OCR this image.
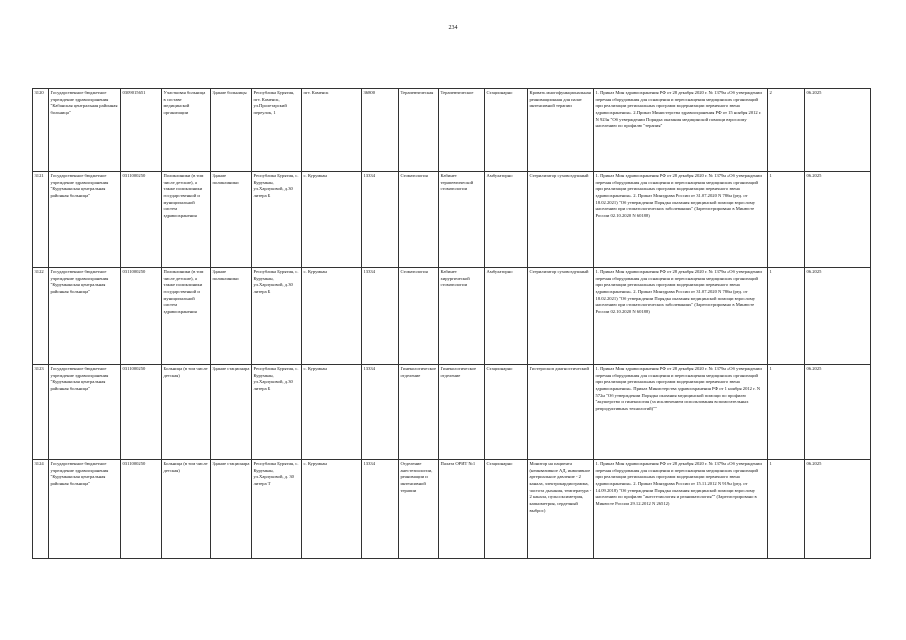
234
3120	Государственное бюджетное учреждение здравоохранения "Кабанская центральная районная больница"	0309015651	Участковая больница в составе медицинской организации	Здание больницы	Республика Бурятия, пгт. Каменск, ул.Пролетарский переулок, 1	пгт. Каменск	36800	Терапевтическая	Терапевтическое	Стационарно	Кровать многофункциональная реанимационная для палат интенсивной терапии	1. Приказ Мин здравоохранения РФ от 28 декабря 2020 г. № 1379н «Об утверждении перечня оборудования для оснащения и переоснащения медицинских организаций при реализации региональных программ модернизации первичного звена здравоохранения». 2.Приказ Министерства здравоохранения РФ от 15 ноября 2012 г. N 923н "Об утверждении Порядка оказания медицинской помощи взрослому населению по профилю "терапия"	2	06.2025
3121	Государственное бюджетное учреждение здравоохранения "Курумканская центральная районная больница"	0311000250	Поликлиники (в том числе детские), а также поликлиники государственной и муниципальной систем здравоохранения	Здание поликлиники	Республика Бурятия, с. Курумкан, ул.Харлуковой, д.30 литера Б	с. Курумкан	13334	Стоматология	Кабинет терапевтической стоматологии	Амбулаторно	Стерилизатор суховоздушный	1. Приказ Мин здравоохранения РФ от 28 декабря 2020 г. № 1379н «Об утверждении перечня оборудования для оснащения и переоснащения медицинских организаций при реализации региональных программ модернизации первичного звена здравоохранения». 2. Приказ Минздрава России от 31.07.2020 N 786н (ред. от 18.02.2021) "Об утверждении Порядка оказания медицинской помощи взрослому населению при стоматологических заболеваниях" (Зарегистрировано в Минюсте России 02.10.2020 N 60188)	1	06.2025
3122	Государственное бюджетное учреждение здравоохранения "Курумканская центральная районная больница"	0311000250	Поликлиники (в том числе детские), а также поликлиники государственной и муниципальной систем здравоохранения	Здание поликлиники	Республика Бурятия, с. Курумкан, ул.Харлуковой, д.30 литера Б	с. Курумкан	13334	Стоматология	Кабинет хирургической стоматологии	Амбулаторно	Стерилизатор суховоздушный	1. Приказ Мин здравоохранения РФ от 28 декабря 2020 г. № 1379н «Об утверждении перечня оборудования для оснащения и переоснащения медицинских организаций при реализации региональных программ модернизации первичного звена здравоохранения». 2. Приказ Минздрава России от 31.07.2020 N 786н (ред. от 18.02.2021) "Об утверждении Порядка оказания медицинской помощи взрослому населению при стоматологических заболеваниях" (Зарегистрировано в Минюсте России 02.10.2020 N 60188)	1	06.2025
3123	Государственное бюджетное учреждение здравоохранения "Курумканская центральная районная больница"	0311000250	Больница (в том числе детская)	Здание стационара	Республика Бурятия, с. Курумкан, ул.Харлуковой, д.30 литера Б	с. Курумкан	13334	Гинекологическое отделение	Гинекологическое отделение	Стационарно	Гистероскоп диагностический	1. Приказ Мин здравоохранения РФ от 28 декабря 2020 г. № 1379н «Об утверждении перечня оборудования для оснащения и переоснащения медицинских организаций при реализации региональных программ модернизации первичного звена здравоохранения». Приказ Министерства здравоохранения РФ от 1 ноября 2012 г. N 572н "Об утверждении Порядка оказания медицинской помощи по профилю "акушерство и гинекология (за исключением использования вспомогательных репродуктивных технологий)""	1	06.2025
3124	Государственное бюджетное учреждение здравоохранения "Курумканская центральная районная больница"	0311000250	Больница (в том числе детская)	Здание стационара	Республика Бурятия, с. Курумкан, ул.Харлуковой, д. 30 литера Т	с. Курумкан	13334	Отделение анестезиологии, реанимации и интенсивной терапии	Палата ОРИТ №1	Стационарно	Монитор на пациента (неинвазивное АД, инвазивное артериальное давление - 2 канала, электрокардиограмма, частота дыхания, температура - 2 канала, пульсоксиметрия, капнометрия, сердечный выброс)	1. Приказ Мин здравоохранения РФ от 28 декабря 2020 г. № 1379н «Об утверждении перечня оборудования для оснащения и переоснащения медицинских организаций при реализации региональных программ модернизации первичного звена здравоохранения». 2. Приказ Минздрава России от 15.11.2012 N 919н (ред. от 14.09.2018) "Об утверждении Порядка оказания медицинской помощи взрослому населению по профилю "анестезиология и реаниматология"" (Зарегистрировано в Минюсте России 29.12.2012 N 26512)	1	06.2025
